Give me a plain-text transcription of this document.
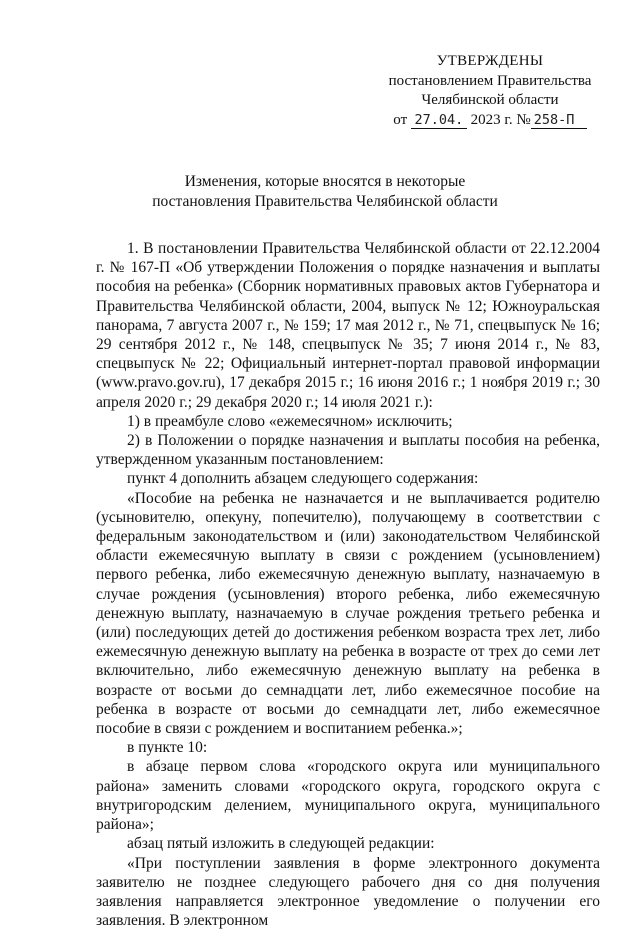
УТВЕРЖДЕНЫ
постановлением Правительства
Челябинской области
от 27.04. 2023 г. № 258-П
Изменения, которые вносятся в некоторые
постановления Правительства Челябинской области

1. В постановлении Правительства Челябинской области от 22.12.2004 г. № 167-П «Об утверждении Положения о порядке назначения и выплаты пособия на ребенка» (Сборник нормативных правовых актов Губернатора и Правительства Челябинской области, 2004, выпуск № 12; Южноуральская панорама, 7 августа 2007 г., № 159; 17 мая 2012 г., № 71, спецвыпуск № 16; 29 сентября 2012 г., № 148, спецвыпуск № 35; 7 июня 2014 г., № 83, спецвыпуск № 22; Официальный интернет-портал правовой информации (www.pravo.gov.ru), 17 декабря 2015 г.; 16 июня 2016 г.; 1 ноября 2019 г.; 30 апреля 2020 г.; 29 декабря 2020 г.; 14 июля 2021 г.):

1) в преамбуле слово «ежемесячном» исключить;

2) в Положении о порядке назначения и выплаты пособия на ребенка, утвержденном указанным постановлением:

пункт 4 дополнить абзацем следующего содержания:

«Пособие на ребенка не назначается и не выплачивается родителю (усыновителю, опекуну, попечителю), получающему в соответствии с федеральным законодательством и (или) законодательством Челябинской области ежемесячную выплату в связи с рождением (усыновлением) первого ребенка, либо ежемесячную денежную выплату, назначаемую в случае рождения (усыновления) второго ребенка, либо ежемесячную денежную выплату, назначаемую в случае рождения третьего ребенка и (или) последующих детей до достижения ребенком возраста трех лет, либо ежемесячную денежную выплату на ребенка в возрасте от трех до семи лет включительно, либо ежемесячную денежную выплату на ребенка в возрасте от восьми до семнадцати лет, либо ежемесячное пособие на ребенка в возрасте от восьми до семнадцати лет, либо ежемесячное пособие в связи с рождением и воспитанием ребенка.»;

в пункте 10:

в абзаце первом слова «городского округа или муниципального района» заменить словами «городского округа, городского округа с внутригородским делением, муниципального округа, муниципального района»;

абзац пятый изложить в следующей редакции:

«При поступлении заявления в форме электронного документа заявителю не позднее следующего рабочего дня со дня получения заявления направляется электронное уведомление о получении его заявления. В электронном
